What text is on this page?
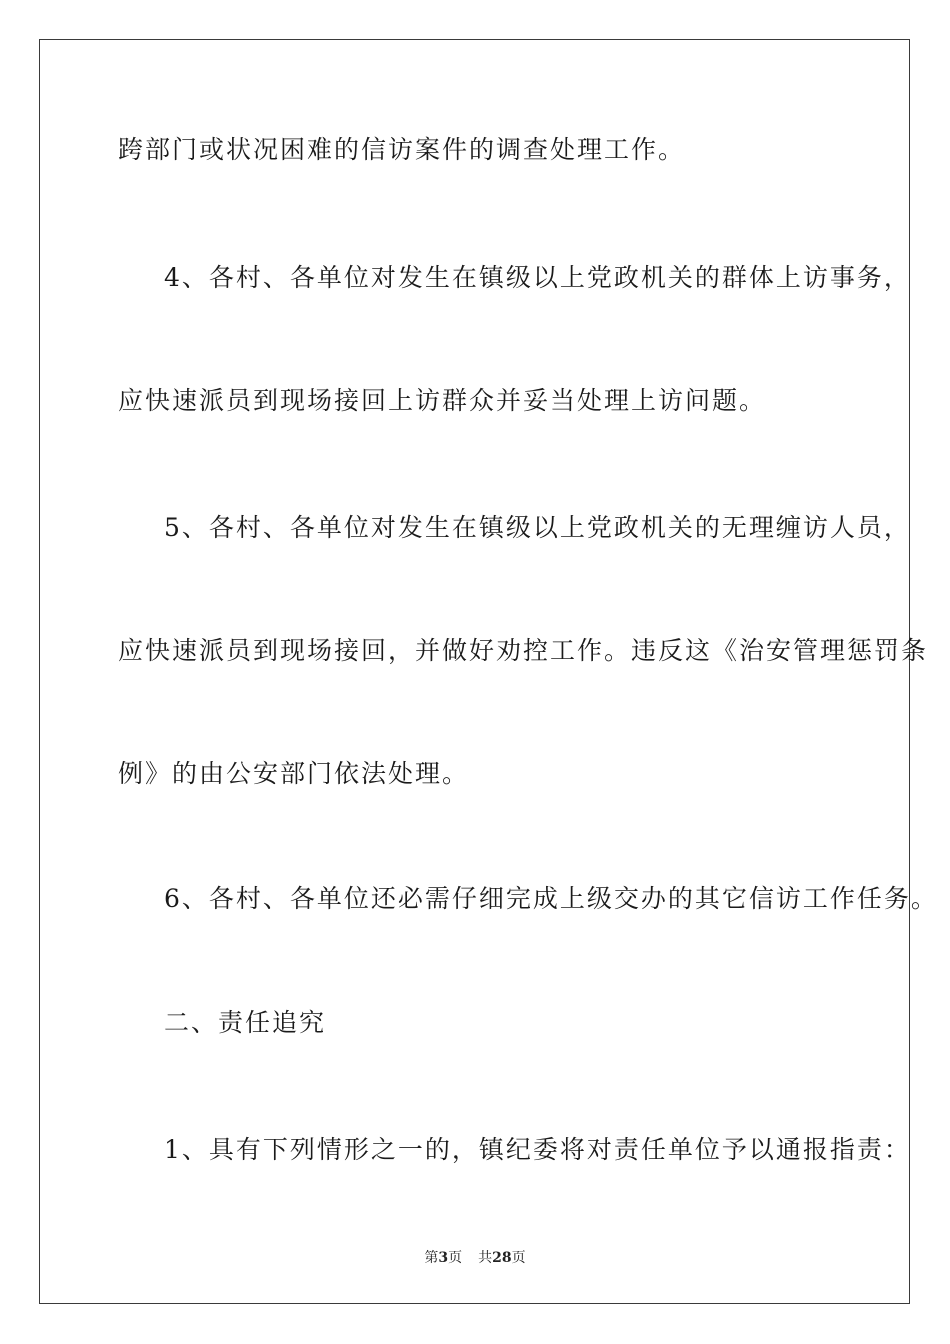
跨部门或状况困难的信访案件的调查处理工作。
4、各村、各单位对发生在镇级以上党政机关的群体上访事务，
应快速派员到现场接回上访群众并妥当处理上访问题。
5、各村、各单位对发生在镇级以上党政机关的无理缠访人员，
应快速派员到现场接回，并做好劝控工作。违反这《治安管理惩罚条
例》的由公安部门依法处理。
6、各村、各单位还必需仔细完成上级交办的其它信访工作任务。
二、责任追究
1、具有下列情形之一的，镇纪委将对责任单位予以通报指责：
第3页 共28页
